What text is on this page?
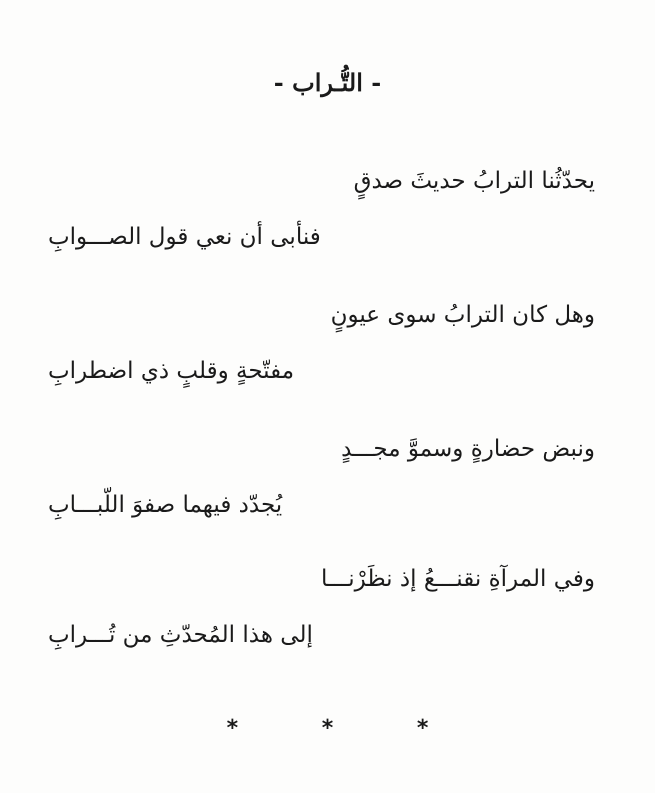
- التُّـراب -
يحدّثُنا الترابُ حديثَ صدقٍ
فنأبى أن نعي قول الصـــوابِ
وهل كان الترابُ سوى عيونٍ
مفتّحةٍ وقلبٍ ذي اضطرابِ
ونبض حضارةٍ وسموَّ مجـــدٍ
يُجدّد فيهما صفوَ اللّبـــابِ
وفي المرآةِ نقنـــعُ إذ نظَرْنـــا
إلى هذا المُحدّثِ من تُـــرابِ
* * *
